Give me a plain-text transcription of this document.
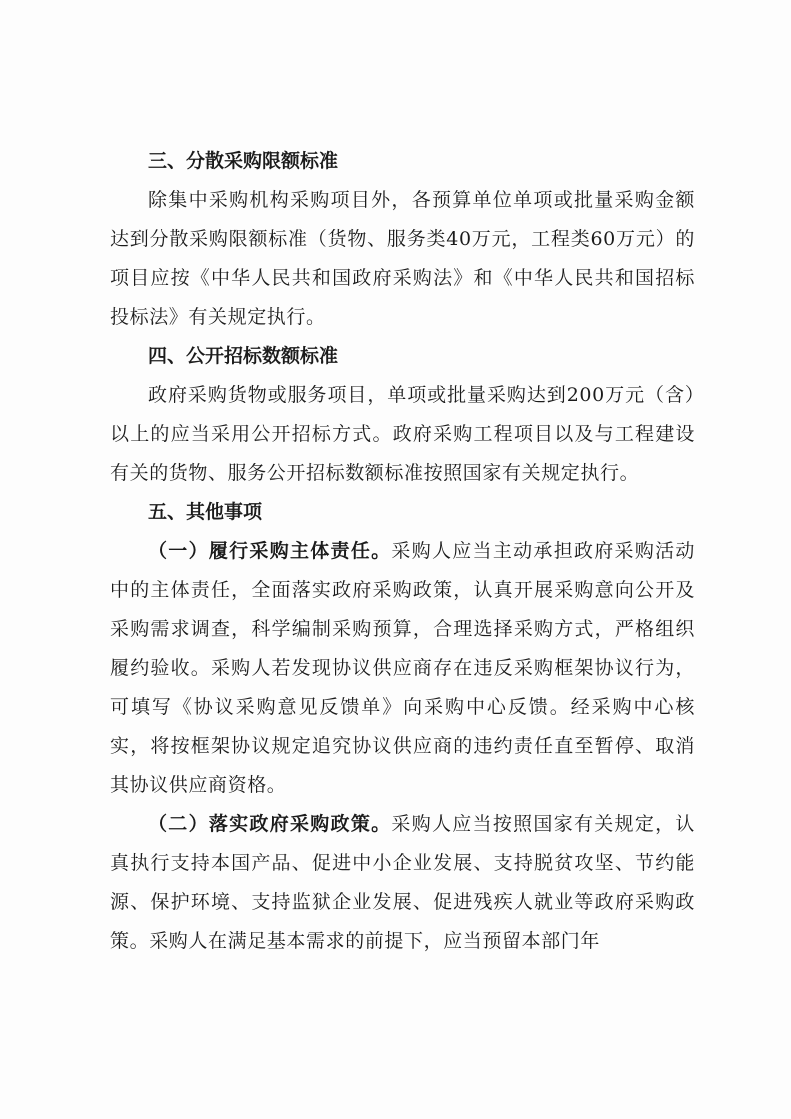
三、分散采购限额标准

除集中采购机构采购项目外，各预算单位单项或批量采购金额达到分散采购限额标准（货物、服务类40万元，工程类60万元）的项目应按《中华人民共和国政府采购法》和《中华人民共和国招标投标法》有关规定执行。

四、公开招标数额标准

政府采购货物或服务项目，单项或批量采购达到200万元（含）以上的应当采用公开招标方式。政府采购工程项目以及与工程建设有关的货物、服务公开招标数额标准按照国家有关规定执行。

五、其他事项

（一）履行采购主体责任。采购人应当主动承担政府采购活动中的主体责任，全面落实政府采购政策，认真开展采购意向公开及采购需求调查，科学编制采购预算，合理选择采购方式，严格组织履约验收。采购人若发现协议供应商存在违反采购框架协议行为，可填写《协议采购意见反馈单》向采购中心反馈。经采购中心核实，将按框架协议规定追究协议供应商的违约责任直至暂停、取消其协议供应商资格。

（二）落实政府采购政策。采购人应当按照国家有关规定，认真执行支持本国产品、促进中小企业发展、支持脱贫攻坚、节约能源、保护环境、支持监狱企业发展、促进残疾人就业等政府采购政策。采购人在满足基本需求的前提下，应当预留本部门年
